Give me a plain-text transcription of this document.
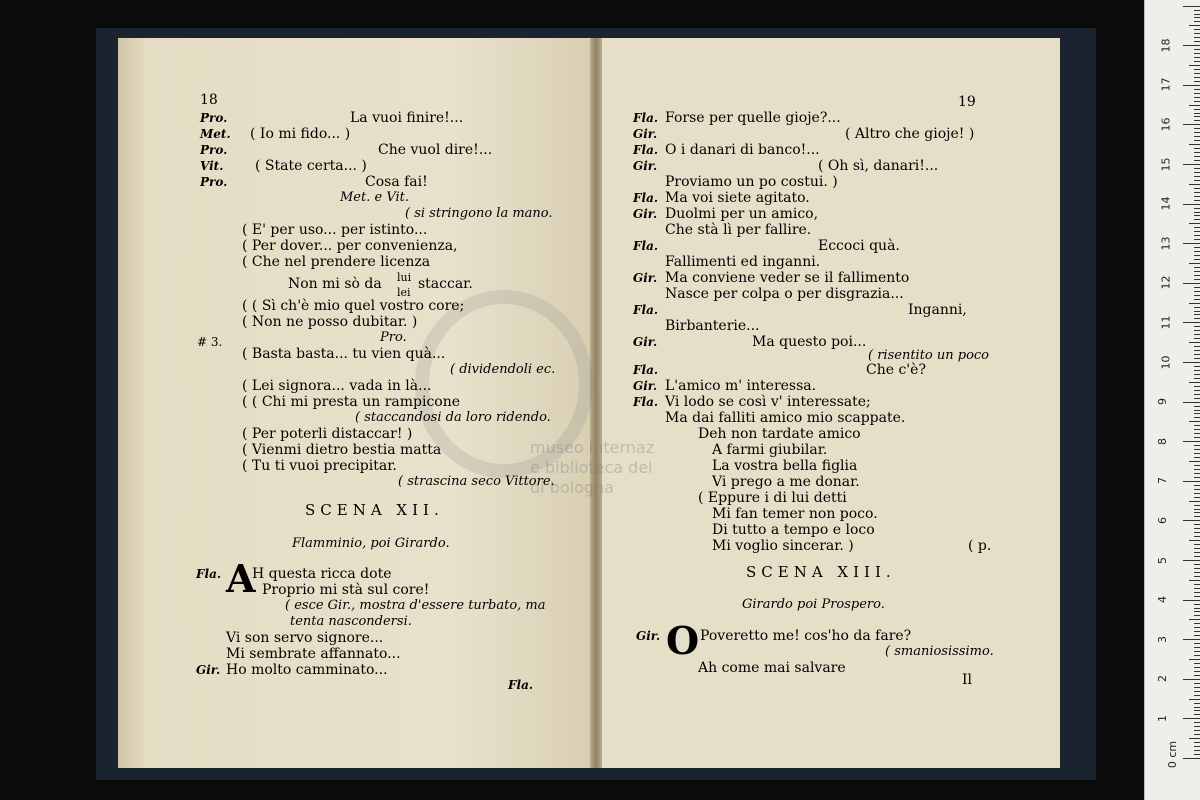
museo internaz
e biblioteca del
di bologna
18
Pro.	La vuoi finire!...
Met. ( Io mi fido... )
Pro.	Che vuol dire!...
Vit. ( State certa... )
Pro.	Cosa fai!
Met. e Vit.
( si stringono la mano.
( E' per uso... per istinto...
( Per dover... per convenienza,
( Che nel prendere licenza
Non mi sò da lui
lei
staccar.
( ( Sì ch'è mio quel vostro core;
( Non ne posso dubitar. )
Pro.
( Basta basta... tu vien quà...
( dividendoli ec.
( Lei signora... vada in là...
( ( Chi mi presta un rampicone
( staccandosi da loro ridendo.
( Per poterli distaccar! )
( Vienmi dietro bestia matta
( Tu ti vuoi precipitar.
( strascina seco Vittore.
# 3.
SCENA XII.
Flamminio, poi Girardo.
A
Fla. H questa ricca dote
Proprio mi stà sul core!
( esce Gir., mostra d'essere turbato, ma
tenta nascondersi.
Vi son servo signore...
Mi sembrate affannato...
Gir. Ho molto camminato...
Fla.
19
Fla. Forse per quelle gioje?...
Gir.	( Altro che gioje! )
Fla. O i danari di banco!...
Gir.	( Oh sì, danari!...
Proviamo un po costui. )
Fla. Ma voi siete agitato.
Gir. Duolmi per un amico,
Che stà lì per fallire.
Fla.	Eccoci quà.
Fallimenti ed inganni.
Gir. Ma conviene veder se il fallimento
Nasce per colpa o per disgrazia...
Fla.	Inganni,
Birbanterie...
Gir.	Ma questo poi...
( risentito un poco
Fla.	Che c'è?
Gir. L'amico m' interessa.
Fla. Vi lodo se così v' interessate;
Ma dai falliti amico mio scappate.
Deh non tardate amico
A farmi giubilar.
La vostra bella figlia
Vi prego a me donar.
( Eppure i di lui detti
Mi fan temer non poco.
Di tutto a tempo e loco
Mi voglio sincerar. )	( p.
SCENA XIII.
Girardo poi Prospero.
O
Gir.	Poveretto me! cos'ho da fare?
( smaniosissimo.
Ah come mai salvare
Il
0 cm
1
2
3
4
5
6
7
8
9
10
11
12
13
14
15
16
17
18
